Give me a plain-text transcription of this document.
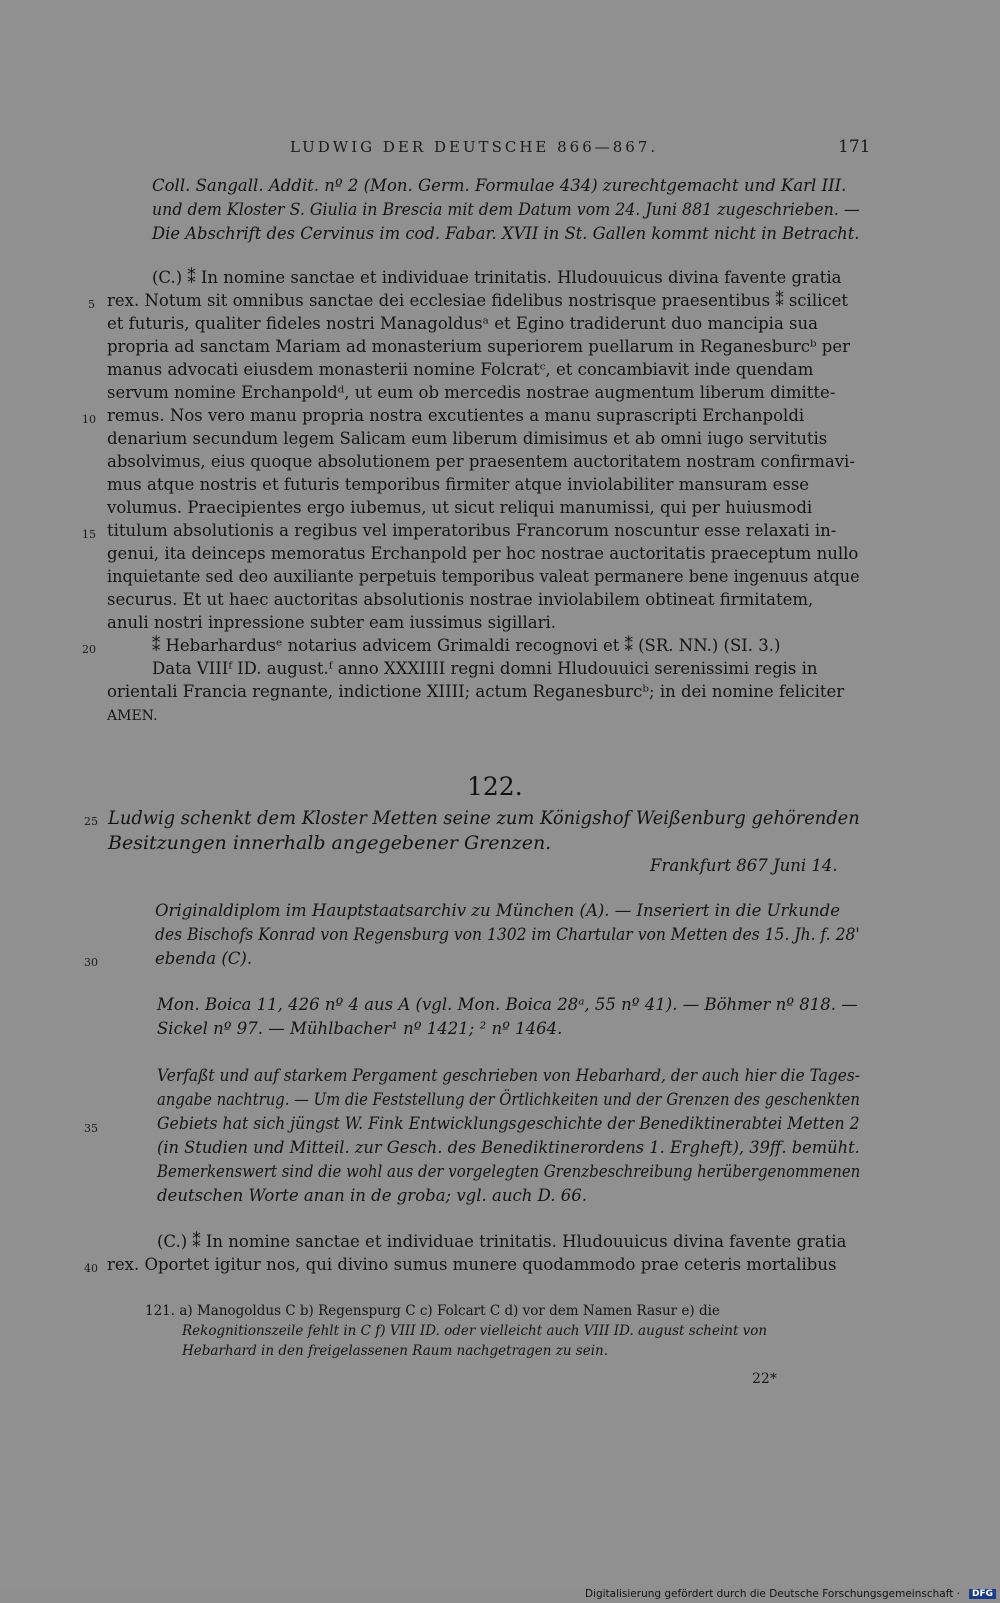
LUDWIG DER DEUTSCHE 866—867.	171
Coll. Sangall. Addit. nº 2 (Mon. Germ. Formulae 434) zurechtgemacht und Karl III.
und dem Kloster S. Giulia in Brescia mit dem Datum vom 24. Juni 881 zugeschrieben. —
Die Abschrift des Cervinus im cod. Fabar. XVII in St. Gallen kommt nicht in Betracht.
(C.) ⁑ In nomine sanctae et individuae trinitatis. Hludouuicus divina favente gratia
rex. Notum sit omnibus sanctae dei ecclesiae fidelibus nostrisque praesentibus ⁑ scilicet
et futuris, qualiter fideles nostri Managoldusᵃ et Egino tradiderunt duo mancipia sua
propria ad sanctam Mariam ad monasterium superiorem puellarum in Reganesburcᵇ per
manus advocati eiusdem monasterii nomine Folcratᶜ, et concambiavit inde quendam
servum nomine Erchanpoldᵈ, ut eum ob mercedis nostrae augmentum liberum dimitte-
remus. Nos vero manu propria nostra excutientes a manu suprascripti Erchanpoldi
denarium secundum legem Salicam eum liberum dimisimus et ab omni iugo servitutis
absolvimus, eius quoque absolutionem per praesentem auctoritatem nostram confirmavi-
mus atque nostris et futuris temporibus firmiter atque inviolabiliter mansuram esse
volumus. Praecipientes ergo iubemus, ut sicut reliqui manumissi, qui per huiusmodi
titulum absolutionis a regibus vel imperatoribus Francorum noscuntur esse relaxati in-
genui, ita deinceps memoratus Erchanpold per hoc nostrae auctoritatis praeceptum nullo
inquietante sed deo auxiliante perpetuis temporibus valeat permanere bene ingenuus atque
securus. Et ut haec auctoritas absolutionis nostrae inviolabilem obtineat firmitatem,
anuli nostri inpressione subter eam iussimus sigillari.
⁑ Hebarhardusᵉ notarius advicem Grimaldi recognovi et ⁑ (SR. NN.) (SI. 3.)
Data VIIIᶠ ID. august.ᶠ anno XXXIIII regni domni Hludouuici serenissimi regis in
orientali Francia regnante, indictione XIIII; actum Reganesburcᵇ; in dei nomine feliciter
AMEN.
122.
Ludwig schenkt dem Kloster Metten seine zum Königshof Weißenburg gehörenden
Besitzungen innerhalb angegebener Grenzen.
Frankfurt 867 Juni 14.
Originaldiplom im Hauptstaatsarchiv zu München (A). — Inseriert in die Urkunde
des Bischofs Konrad von Regensburg von 1302 im Chartular von Metten des 15. Jh. f. 28'
ebenda (C).
Mon. Boica 11, 426 nº 4 aus A (vgl. Mon. Boica 28ᵃ, 55 nº 41). — Böhmer nº 818. —
Sickel nº 97. — Mühlbacher¹ nº 1421; ² nº 1464.
Verfaßt und auf starkem Pergament geschrieben von Hebarhard, der auch hier die Tages-
angabe nachtrug. — Um die Feststellung der Örtlichkeiten und der Grenzen des geschenkten
Gebiets hat sich jüngst W. Fink Entwicklungsgeschichte der Benediktinerabtei Metten 2
(in Studien und Mitteil. zur Gesch. des Benediktinerordens 1. Ergheft), 39ff. bemüht.
Bemerkenswert sind die wohl aus der vorgelegten Grenzbeschreibung herübergenommenen
deutschen Worte anan in de groba; vgl. auch D. 66.
(C.) ⁑ In nomine sanctae et individuae trinitatis. Hludouuicus divina favente gratia
rex. Oportet igitur nos, qui divino sumus munere quodammodo prae ceteris mortalibus
121. a) Manogoldus C b) Regenspurg C c) Folcart C d) vor dem Namen Rasur e) die
Rekognitionszeile fehlt in C f) VIII ID. oder vielleicht auch VIII ID. august scheint von
Hebarhard in den freigelassenen Raum nachgetragen zu sein.
22*
5
10
15
20
25
30
35
40
Digitalisierung gefördert durch die Deutsche Forschungsgemeinschaft ·	DFG
